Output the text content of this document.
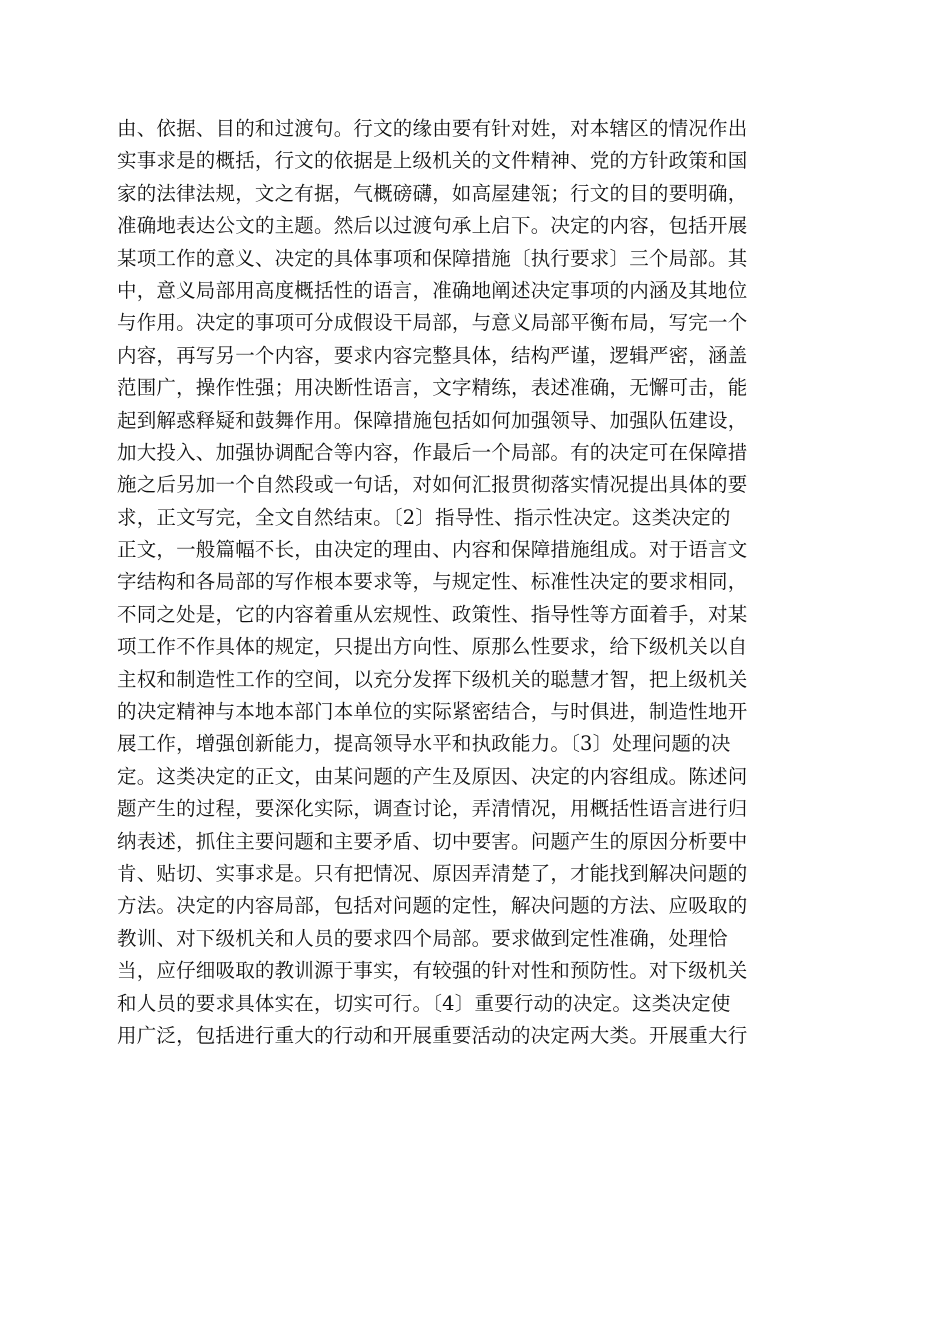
由、依据、目的和过渡句。行文的缘由要有针对姓，对本辖区的情况作出
实事求是的概括，行文的依据是上级机关的文件精神、党的方针政策和国
家的法律法规，文之有据，气概磅礴，如高屋建瓴；行文的目的要明确，
准确地表达公文的主题。然后以过渡句承上启下。决定的内容，包括开展
某项工作的意义、决定的具体事项和保障措施〔执行要求〕三个局部。其
中，意义局部用高度概括性的语言，准确地阐述决定事项的内涵及其地位
与作用。决定的事项可分成假设干局部，与意义局部平衡布局，写完一个
内容，再写另一个内容，要求内容完整具体，结构严谨，逻辑严密，涵盖
范围广，操作性强；用决断性语言，文字精练，表述准确，无懈可击，能
起到解惑释疑和鼓舞作用。保障措施包括如何加强领导、加强队伍建设，
加大投入、加强协调配合等内容，作最后一个局部。有的决定可在保障措
施之后另加一个自然段或一句话，对如何汇报贯彻落实情况提出具体的要
求，正文写完，全文自然结束。〔2〕指导性、指示性决定。这类决定的
正文，一般篇幅不长，由决定的理由、内容和保障措施组成。对于语言文
字结构和各局部的写作根本要求等，与规定性、标准性决定的要求相同，
不同之处是，它的内容着重从宏规性、政策性、指导性等方面着手，对某
项工作不作具体的规定，只提出方向性、原那么性要求，给下级机关以自
主权和制造性工作的空间，以充分发挥下级机关的聪慧才智，把上级机关
的决定精神与本地本部门本单位的实际紧密结合，与时俱进，制造性地开
展工作，增强创新能力，提高领导水平和执政能力。〔3〕处理问题的决
定。这类决定的正文，由某问题的产生及原因、决定的内容组成。陈述问
题产生的过程，要深化实际，调查讨论，弄清情况，用概括性语言进行归
纳表述，抓住主要问题和主要矛盾、切中要害。问题产生的原因分析要中
肯、贴切、实事求是。只有把情况、原因弄清楚了，才能找到解决问题的
方法。决定的内容局部，包括对问题的定性，解决问题的方法、应吸取的
教训、对下级机关和人员的要求四个局部。要求做到定性准确，处理恰
当，应仔细吸取的教训源于事实，有较强的针对性和预防性。对下级机关
和人员的要求具体实在，切实可行。〔4〕重要行动的决定。这类决定使
用广泛，包括进行重大的行动和开展重要活动的决定两大类。开展重大行
